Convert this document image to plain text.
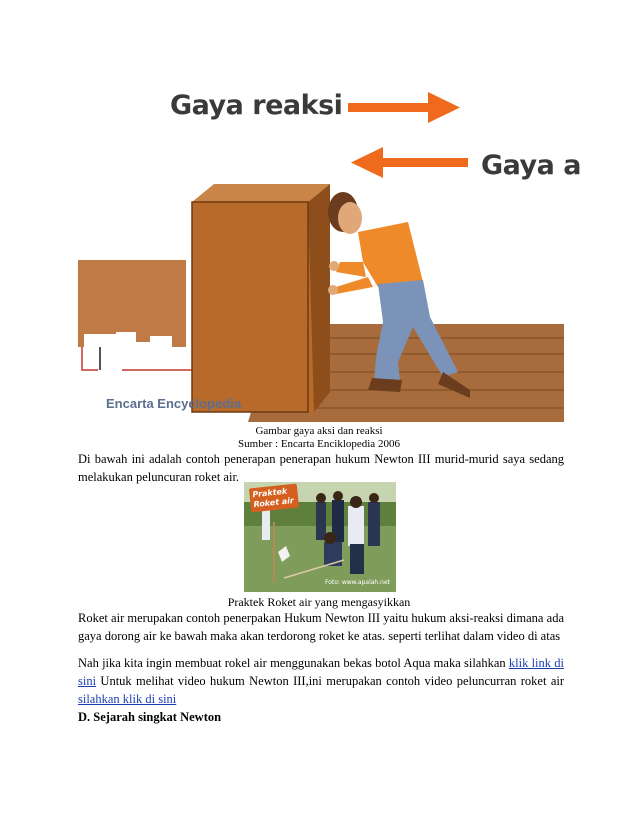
Gaya reaksi
Gaya a
Encarta Encyclopedia
Gambar gaya aksi dan reaksi
Sumber : Encarta Enciklopedia 2006
Di bawah ini adalah contoh penerapan penerapan hukum Newton III murid-murid saya sedang melakukan peluncuran roket air.
Praktek Roket air
Foto: www.apalah.net
Praktek Roket air yang mengasyikkan
Roket air merupakan contoh penerpakan Hukum Newton III yaitu hukum aksi-reaksi dimana ada gaya dorong air ke bawah maka akan terdorong roket ke atas. seperti terlihat dalam video di atas
Nah jika kita ingin membuat rokel air menggunakan bekas botol Aqua maka silahkan klik link di sini Untuk melihat video hukum Newton III,ini merupakan contoh video peluncurran roket air silahkan klik di sini
D. Sejarah singkat Newton
